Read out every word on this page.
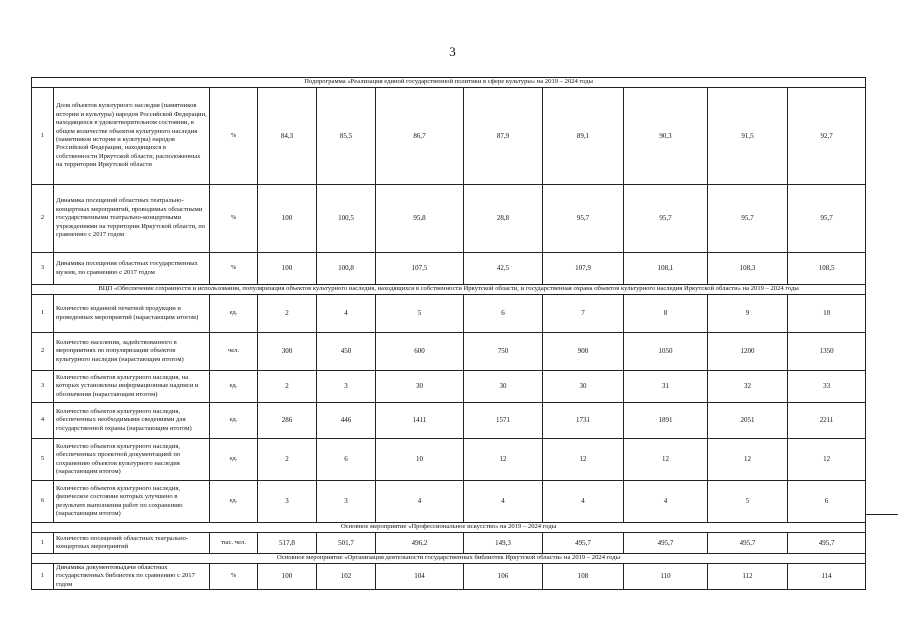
3
Подпрограмма «Реализация единой государственной политики в сфере культуры» на 2019 – 2024 годы										
1	Доля объектов культурного наследия (памятников истории и культуры) народов Российской Федерации, находящихся в удовлетворительном состоянии, в общем количестве объектов культурного наследия (памятников истории и культуры) народов Российской Федерации, находящихся в собственности Иркутской области, расположенных на территории Иркутской области	%	84,3	85,5	86,7	87,9	89,1	90,3	91,5	92,7
2	Динамика посещений областных театрально-концертных мероприятий, проводимых областными государственными театрально-концертными учреждениями на территории Иркутской области, по сравнению с 2017 годом	%	100	100,5	95,8	28,8	95,7	95,7	95,7	95,7
3	Динамика посещения областных государственных музеев, по сравнению с 2017 годом	%	100	100,8	107,5	42,5	107,9	108,1	108,3	108,5
ВЦП «Обеспечение сохранности и использования, популяризация объектов культурного наследия, находящихся в собственности Иркутской области, и государственная охрана объектов культурного наследия Иркутской области» на 2019 – 2024 годы										
1	Количество изданной печатной продукции и проведенных мероприятий (нарастающим итогом)	ед.	2	4	5	6	7	8	9	10
2	Количество населения, задействованного в мероприятиях по популяризации объектов культурного наследия (нарастающим итогом)	чел.	300	450	600	750	900	1050	1200	1350
3	Количество объектов культурного наследия, на которых установлены информационные надписи и обозначения (нарастающим итогом)	ед.	2	3	30	30	30	31	32	33
4	Количество объектов культурного наследия, обеспеченных необходимыми сведениями для государственной охраны (нарастающим итогом)	ед.	286	446	1411	1571	1731	1891	2051	2211
5	Количество объектов культурного наследия, обеспеченных проектной документацией по сохранению объектов культурного наследия (нарастающим итогом)	ед.	2	6	10	12	12	12	12	12
6	Количество объектов культурного наследия, физическое состояние которых улучшено в результате выполнения работ по сохранению (нарастающим итогом)	ед.	3	3	4	4	4	4	5	6
Основное мероприятие «Профессиональное искусство» на 2019 – 2024 годы										
1	Количество посещений областных театрально-концертных мероприятий	тыс. чел.	517,8	501,7	496,2	149,3	495,7	495,7	495,7	495,7
Основное мероприятие «Организация деятельности государственных библиотек Иркутской области» на 2019 – 2024 годы										
1	Динамика документовыдачи областных государственных библиотек по сравнению с 2017 годом	%	100	102	104	106	108	110	112	114
